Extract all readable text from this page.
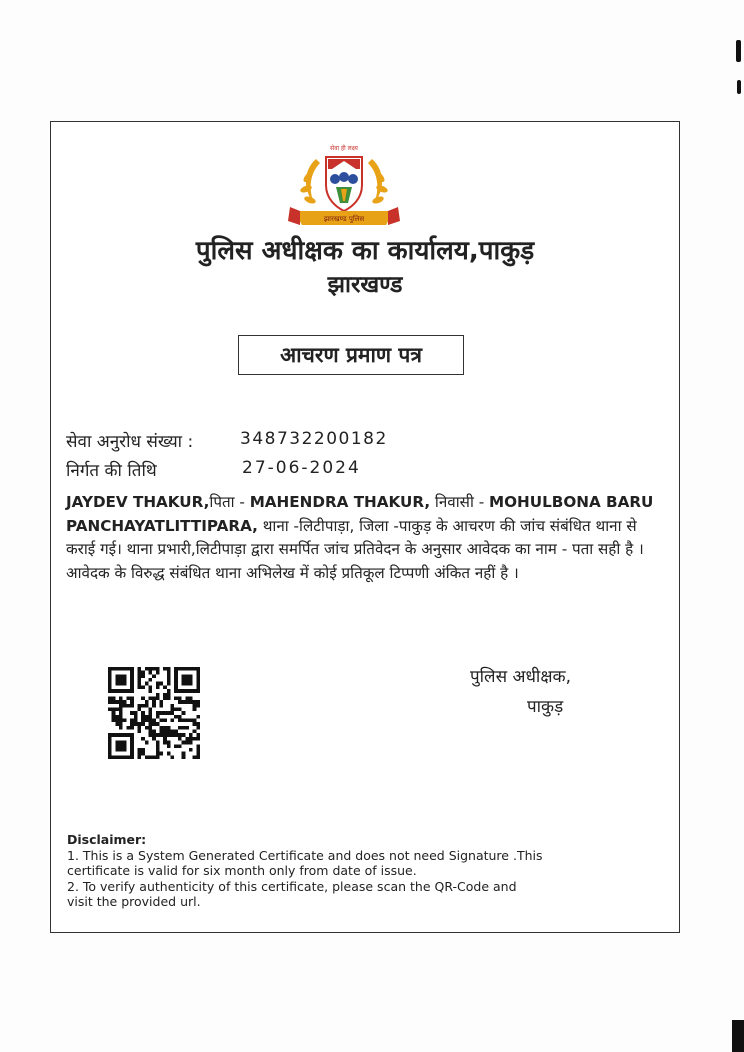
सेवा ही लक्ष्य
झारखण्ड पुलिस
पुलिस अधीक्षक का कार्यालय,पाकुड़
झारखण्ड
आचरण प्रमाण पत्र
सेवा अनुरोध संख्या :	348732200182
निर्गत की तिथि	27-06-2024
JAYDEV THAKUR,पिता - MAHENDRA THAKUR, निवासी - MOHULBONA BARU PANCHAYATLITTIPARA, थाना -लिटीपाड़ा, जिला -पाकुड़ के आचरण की जांच संबंधित थाना से कराई गई। थाना प्रभारी,लिटीपाड़ा द्वारा समर्पित जांच प्रतिवेदन के अनुसार आवेदक का नाम - पता सही है । आवेदक के विरुद्ध संबंधित थाना अभिलेख में कोई प्रतिकूल टिप्पणी अंकित नहीं है ।
पुलिस अधीक्षक,
पाकुड़
Disclaimer:
1. This is a System Generated Certificate and does not need Signature .This
certificate is valid for six month only from date of issue.
2. To verify authenticity of this certificate, please scan the QR-Code and
visit the provided url.
